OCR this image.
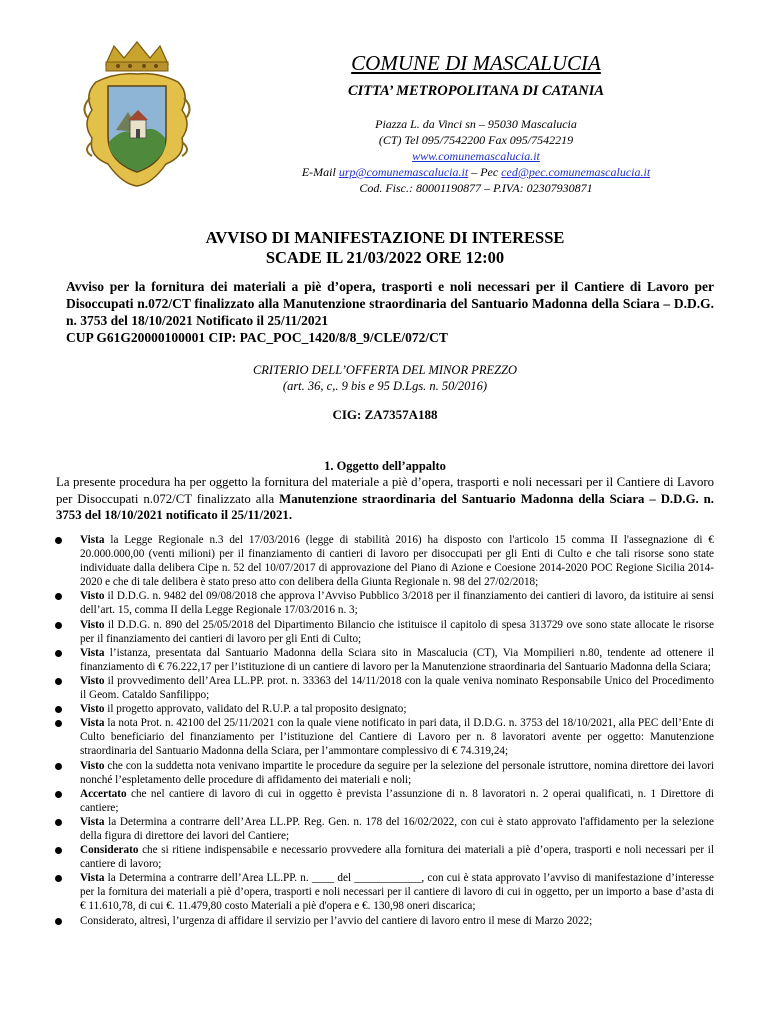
COMUNE DI MASCALUCIA
CITTA’ METROPOLITANA DI CATANIA
Piazza L. da Vinci sn – 95030 Mascalucia
(CT) Tel 095/7542200 Fax 095/7542219
www.comunemascalucia.it
E-Mail urp@comunemascalucia.it – Pec ced@pec.comunemascalucia.it
Cod. Fisc.: 80001190877 – P.IVA: 02307930871
AVVISO DI MANIFESTAZIONE DI INTERESSE
SCADE IL 21/03/2022 ORE 12:00
Avviso per la fornitura dei materiali a piè d’opera, trasporti e noli necessari per il Cantiere di Lavoro per Disoccupati n.072/CT finalizzato alla Manutenzione straordinaria del Santuario Madonna della Sciara – D.D.G. n. 3753 del 18/10/2021 Notificato il 25/11/2021
CUP G61G20000100001 CIP: PAC_POC_1420/8/8_9/CLE/072/CT
CRITERIO DELL’OFFERTA DEL MINOR PREZZO
(art. 36, c,. 9 bis e 95 D.Lgs. n. 50/2016)
CIG: ZA7357A188
1. Oggetto dell’appalto
La presente procedura ha per oggetto la fornitura del materiale a piè d’opera, trasporti e noli necessari per il Cantiere di Lavoro per Disoccupati n.072/CT finalizzato alla Manutenzione straordinaria del Santuario Madonna della Sciara – D.D.G. n. 3753 del 18/10/2021 notificato il 25/11/2021.
Vista la Legge Regionale n.3 del 17/03/2016 (legge di stabilità 2016) ha disposto con l'articolo 15 comma II l'assegnazione di € 20.000.000,00 (venti milioni) per il finanziamento di cantieri di lavoro per disoccupati per gli Enti di Culto e che tali risorse sono state individuate dalla delibera Cipe n. 52 del 10/07/2017 di approvazione del Piano di Azione e Coesione 2014-2020 POC Regione Sicilia 2014-2020 e che di tale delibera è stato preso atto con delibera della Giunta Regionale n. 98 del 27/02/2018;
Visto il D.D.G. n. 9482 del 09/08/2018 che approva l’Avviso Pubblico 3/2018 per il finanziamento dei cantieri di lavoro, da istituire ai sensi dell’art. 15, comma II della Legge Regionale 17/03/2016 n. 3;
Visto il D.D.G. n. 890 del 25/05/2018 del Dipartimento Bilancio che istituisce il capitolo di spesa 313729 ove sono state allocate le risorse per il finanziamento dei cantieri di lavoro per gli Enti di Culto;
Vista l’istanza, presentata dal Santuario Madonna della Sciara sito in Mascalucia (CT), Via Mompilieri n.80, tendente ad ottenere il finanziamento di € 76.222,17 per l’istituzione di un cantiere di lavoro per la Manutenzione straordinaria del Santuario Madonna della Sciara;
Visto il provvedimento dell’Area LL.PP. prot. n. 33363 del 14/11/2018 con la quale veniva nominato Responsabile Unico del Procedimento il Geom. Cataldo Sanfilippo;
Visto il progetto approvato, validato del R.U.P. a tal proposito designato;
Vista la nota Prot. n. 42100 del 25/11/2021 con la quale viene notificato in pari data, il D.D.G. n. 3753 del 18/10/2021, alla PEC dell’Ente di Culto beneficiario del finanziamento per l’istituzione del Cantiere di Lavoro per n. 8 lavoratori avente per oggetto: Manutenzione straordinaria del Santuario Madonna della Sciara, per l’ammontare complessivo di € 74.319,24;
Visto che con la suddetta nota venivano impartite le procedure da seguire per la selezione del personale istruttore, nomina direttore dei lavori nonché l’espletamento delle procedure di affidamento dei materiali e noli;
Accertato che nel cantiere di lavoro di cui in oggetto è prevista l’assunzione di n. 8 lavoratori n. 2 operai qualificati, n. 1 Direttore di cantiere;
Vista la Determina a contrarre dell’Area LL.PP. Reg. Gen. n. 178 del 16/02/2022, con cui è stato approvato l'affidamento per la selezione della figura di direttore dei lavori del Cantiere;
Considerato che si ritiene indispensabile e necessario provvedere alla fornitura dei materiali a piè d’opera, trasporti e noli necessari per il cantiere di lavoro;
Vista la Determina a contrarre dell’Area LL.PP. n. ____ del ____________, con cui è stata approvato l’avviso di manifestazione d’interesse per la fornitura dei materiali a piè d’opera, trasporti e noli necessari per il cantiere di lavoro di cui in oggetto, per un importo a base d’asta di € 11.610,78, di cui €. 11.479,80 costo Materiali a piè d'opera e €. 130,98 oneri discarica;
Considerato, altresì, l’urgenza di affidare il servizio per l’avvio del cantiere di lavoro entro il mese di Marzo 2022;
